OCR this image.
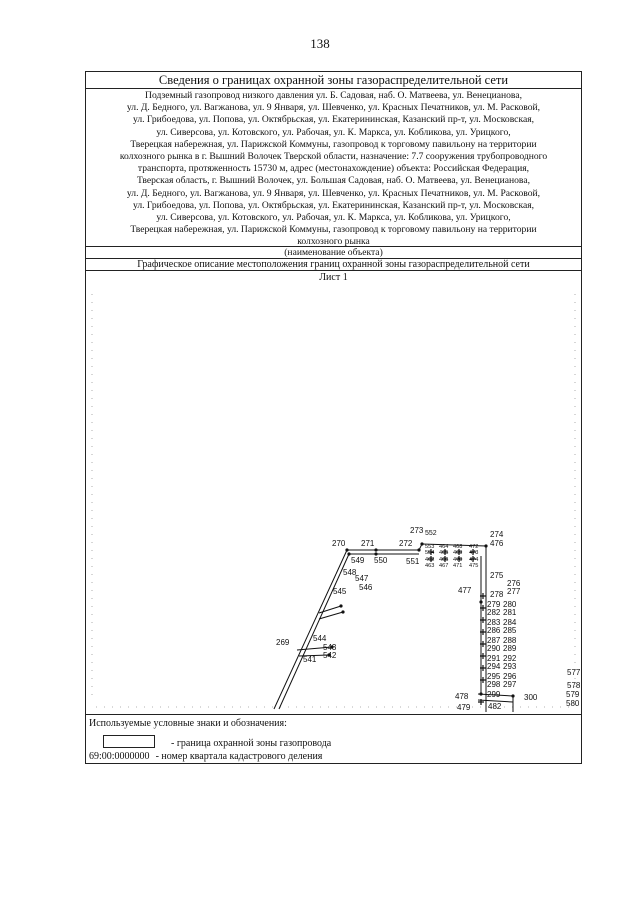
138
Сведения о границах охранной зоны газораспределительной сети
Подземный газопровод низкого давления ул. Б. Садовая, наб. О. Матвеева, ул. Венецианова,
ул. Д. Бедного, ул. Вагжанова, ул. 9 Января, ул. Шевченко, ул. Красных Печатников, ул. М. Расковой,
ул. Грибоедова, ул. Попова, ул. Октябрьская, ул. Екатерининская, Казанский пр-т, ул. Московская,
ул. Сиверсова, ул. Котовского, ул. Рабочая, ул. К. Маркса, ул. Кобликова, ул. Урицкого,
Тверецкая набережная, ул. Парижской Коммуны, газопровод к торговому павильону на территории
колхозного рынка в г. Вышний Волочек Тверской области, назначение: 7.7 сооружения трубопроводного
транспорта, протяженность 15730 м, адрес (местонахождение) объекта: Российская Федерация,
Тверская область, г. Вышний Волочек, ул. Большая Садовая, наб. О. Матвеева, ул. Венецианова,
ул. Д. Бедного, ул. Вагжанова, ул. 9 Января, ул. Шевченко, ул. Красных Печатников, ул. М. Расковой,
ул. Грибоедова, ул. Попова, ул. Октябрьская, ул. Екатерининская, Казанский пр-т, ул. Московская,
ул. Сиверсова, ул. Котовского, ул. Рабочая, ул. К. Маркса, ул. Кобликова, ул. Урицкого,
Тверецкая набережная, ул. Парижской Коммуны, газопровод к торговому павильону на территории
колхозного рынка
(наименование объекта)
Графическое описание местоположения границ охранной зоны газораспределительной сети
Лист 1
270 271	272
273 552	274
476
549 550 551
548
547
546
545
553 464 468 472
554 465 469 473
462 466 470 474
463 467 471 475
275
276
477 278 277
279 280
282 281
283 284
286 285
287 288
290 289
291 292
294 293
295 296
298 297
299	300
478
479 482
269	544
543
542
541
577
578
579
580
Используемые условные знаки и обозначения:
- граница охранной зоны газопровода
69:00:0000000 - номер квартала кадастрового деления
